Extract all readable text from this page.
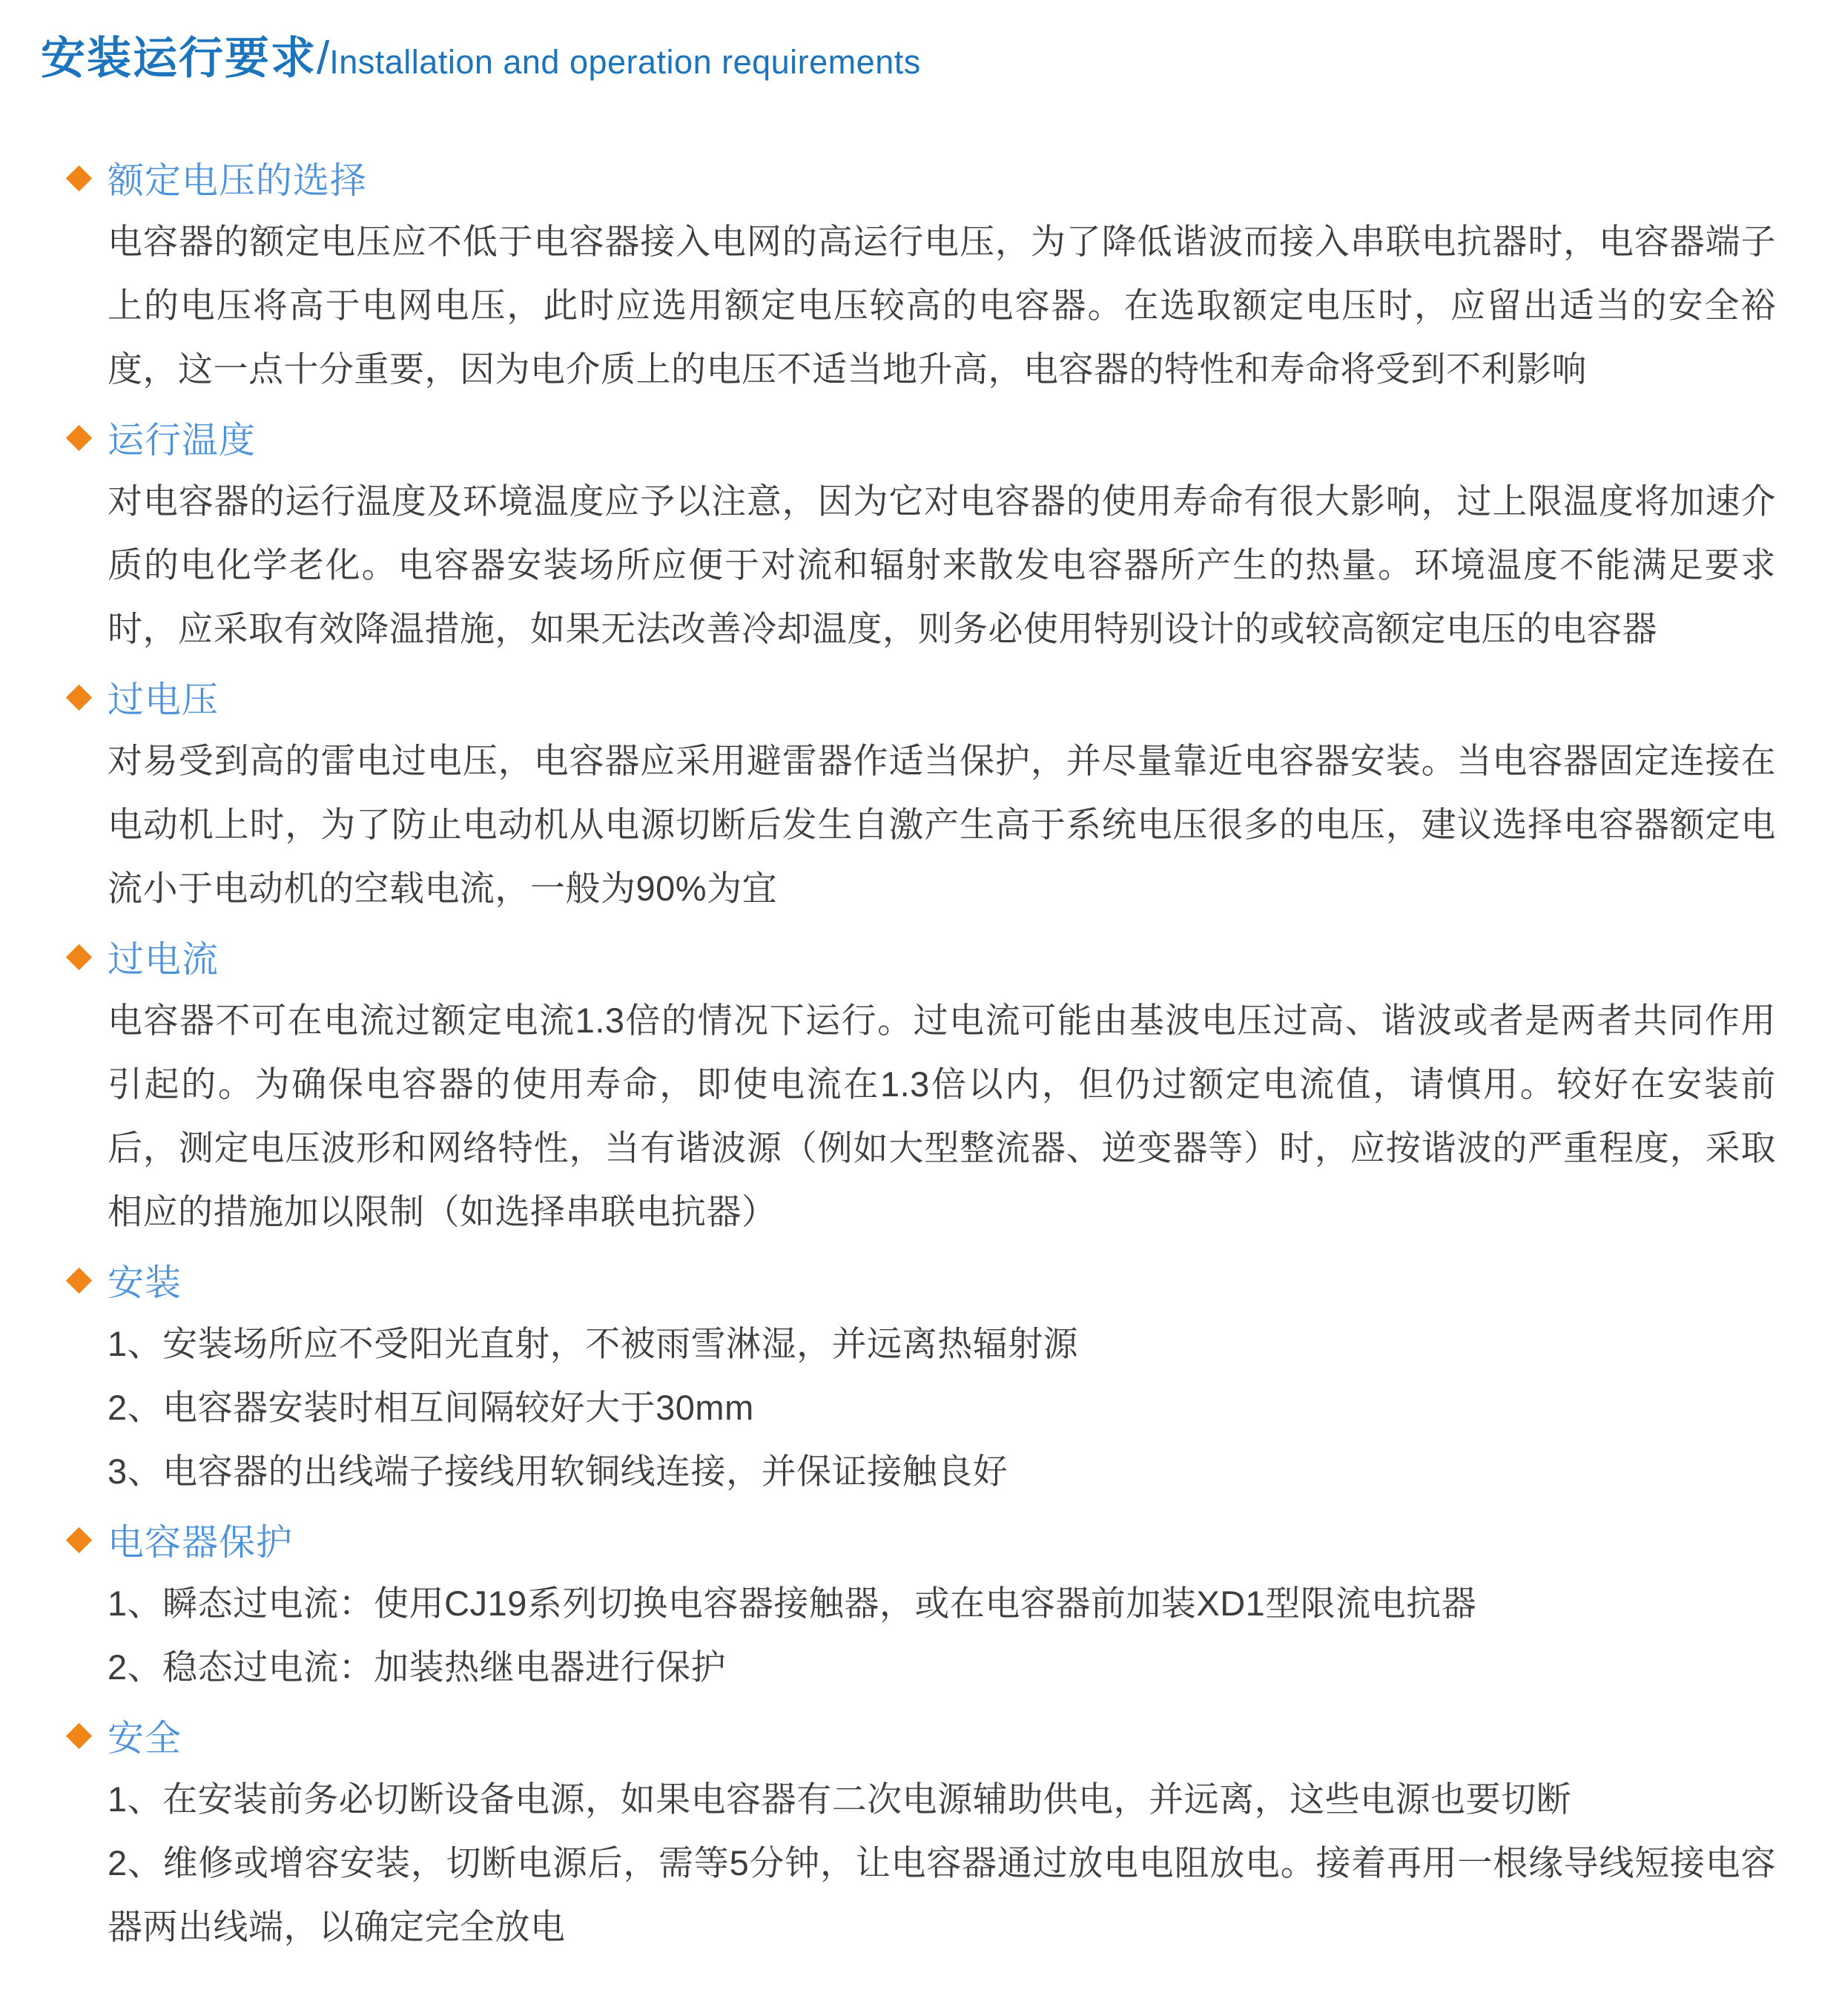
安装运行要求/Installation and operation requirements
额定电压的选择

电容器的额定电压应不低于电容器接入电网的高运行电压，为了降低谐波而接入串联电抗器时，电容器端子上的电压将高于电网电压，此时应选用额定电压较高的电容器。在选取额定电压时，应留出适当的安全裕度，这一点十分重要，因为电介质上的电压不适当地升高，电容器的特性和寿命将受到不利影响

运行温度

对电容器的运行温度及环境温度应予以注意，因为它对电容器的使用寿命有很大影响，过上限温度将加速介质的电化学老化。电容器安装场所应便于对流和辐射来散发电容器所产生的热量。环境温度不能满足要求时，应采取有效降温措施，如果无法改善冷却温度，则务必使用特别设计的或较高额定电压的电容器

过电压

对易受到高的雷电过电压，电容器应采用避雷器作适当保护，并尽量靠近电容器安装。当电容器固定连接在电动机上时，为了防止电动机从电源切断后发生自激产生高于系统电压很多的电压，建议选择电容器额定电流小于电动机的空载电流，一般为90%为宜

过电流

电容器不可在电流过额定电流1.3倍的情况下运行。过电流可能由基波电压过高、谐波或者是两者共同作用引起的。为确保电容器的使用寿命，即使电流在1.3倍以内，但仍过额定电流值，请慎用。较好在安装前后，测定电压波形和网络特性，当有谐波源（例如大型整流器、逆变器等）时，应按谐波的严重程度，采取相应的措施加以限制（如选择串联电抗器）

安装

1、安装场所应不受阳光直射，不被雨雪淋湿，并远离热辐射源

2、电容器安装时相互间隔较好大于30mm

3、电容器的出线端子接线用软铜线连接，并保证接触良好

电容器保护

1、瞬态过电流：使用CJ19系列切换电容器接触器，或在电容器前加装XD1型限流电抗器

2、稳态过电流：加装热继电器进行保护

安全

1、在安装前务必切断设备电源，如果电容器有二次电源辅助供电，并远离，这些电源也要切断

2、维修或增容安装，切断电源后，需等5分钟，让电容器通过放电电阻放电。接着再用一根缘导线短接电容器两出线端，以确定完全放电
